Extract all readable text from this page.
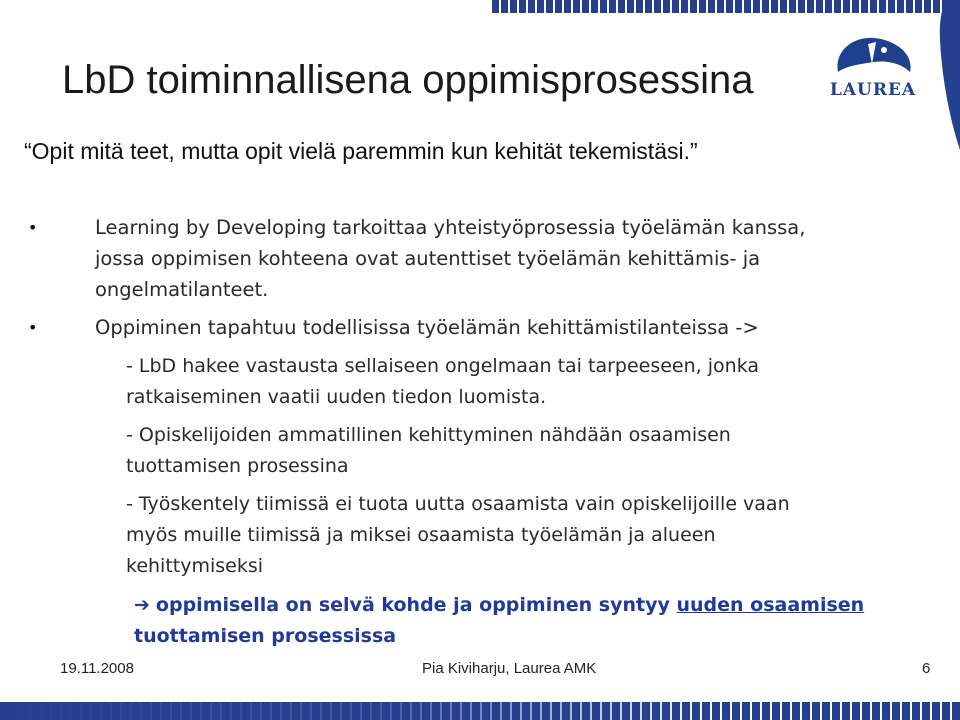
LAUREA
LbD toiminnallisena oppimisprosessina

“Opit mitä teet, mutta opit vielä paremmin kun kehität tekemistäsi.”

•	Learning by Developing tarkoittaa yhteistyöprosessia työelämän kanssa,
jossa oppimisen kohteena ovat autenttiset työelämän kehittämis- ja
ongelmatilanteet.
•	Oppiminen tapahtuu todellisissa työelämän kehittämistilanteissa ->
- LbD hakee vastausta sellaiseen ongelmaan tai tarpeeseen, jonka
ratkaiseminen vaatii uuden tiedon luomista.
- Opiskelijoiden ammatillinen kehittyminen nähdään osaamisen
tuottamisen prosessina
- Työskentely tiimissä ei tuota uutta osaamista vain opiskelijoille vaan
myös muille tiimissä ja miksei osaamista työelämän ja alueen
kehittymiseksi
➔ oppimisella on selvä kohde ja oppiminen syntyy uuden osaamisen
tuottamisen prosessissa
19.11.2008	Pia Kiviharju, Laurea AMK	6
